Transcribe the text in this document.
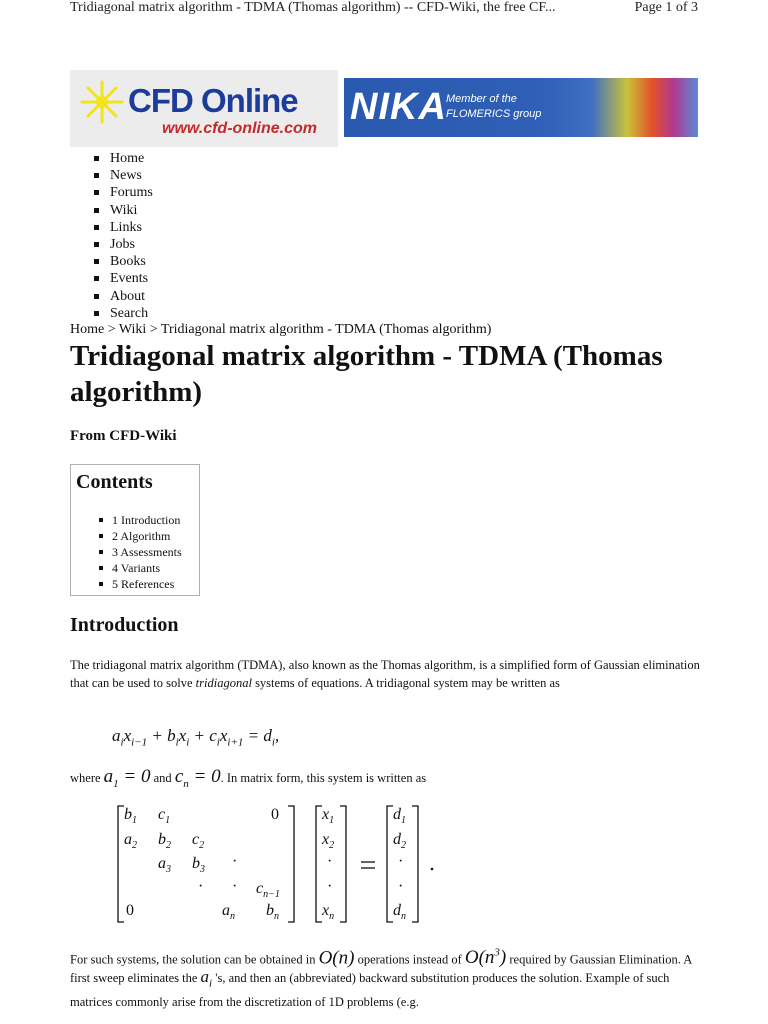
Tridiagonal matrix algorithm - TDMA (Thomas algorithm) -- CFD-Wiki, the free CF...	Page 1 of 3
CFD Online
www.cfd-online.com
NIKA Member of the
FLOMERICS group
Home
News
Forums
Wiki
Links
Jobs
Books
Events
About
Search
Home > Wiki > Tridiagonal matrix algorithm - TDMA (Thomas algorithm)
Tridiagonal matrix algorithm - TDMA (Thomas algorithm)
From CFD-Wiki
Contents
1 Introduction
2 Algorithm
3 Assessments
4 Variants
5 References
Introduction
The tridiagonal matrix algorithm (TDMA), also known as the Thomas algorithm, is a simplified form of Gaussian elimination that can be used to solve tridiagonal systems of equations. A tridiagonal system may be written as
$a_ix_{i-1} + b_ix_i + c_ix_{i+1} = d_i$,
where $a_1 = 0$ and $c_n = 0$. In matrix form, this system is written as
$b_1$ $c_1$	0
$a_2$ $b_2$ $c_2$
$a_3$ $b_3$ ·
· · $c_{n-1}$
0	$a_n$ $b_n$
$x_1$
$x_2$
·
·
$x_n$
$d_1$
$d_2$
·
·
$d_n$
For such systems, the solution can be obtained in O(n) operations instead of $O(n^3)$ required by Gaussian Elimination. A first sweep eliminates the $a_i$ 's, and then an (abbreviated) backward substitution produces the solution. Example of such matrices commonly arise from the discretization of 1D problems (e.g.
